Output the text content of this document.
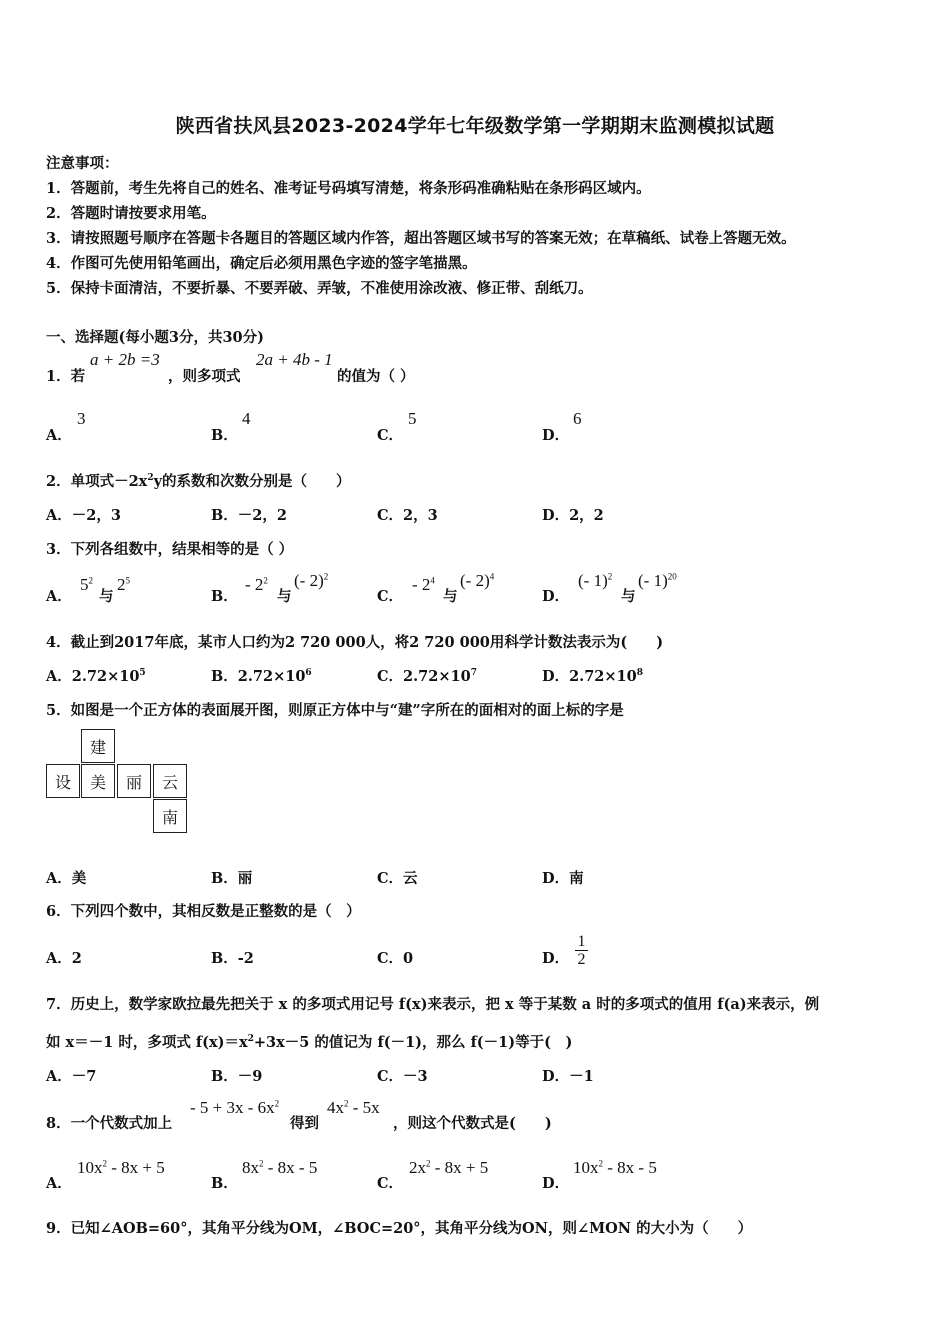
陕西省扶风县2023-2024学年七年级数学第一学期期末监测模拟试题
注意事项：
1．答题前，考生先将自己的姓名、准考证号码填写清楚，将条形码准确粘贴在条形码区域内。
2．答题时请按要求用笔。
3．请按照题号顺序在答题卡各题目的答题区域内作答，超出答题区域书写的答案无效；在草稿纸、试卷上答题无效。
4．作图可先使用铅笔画出，确定后必须用黑色字迹的签字笔描黑。
5．保持卡面清洁，不要折暴、不要弄破、弄皱，不准使用涂改液、修正带、刮纸刀。
一、选择题(每小题3分，共30分)
1．若
a + 2b =3
，则多项式
2a + 4b - 1
的值为（ ）
A．
3
B．
4
C．
5
D．
6
2．单项式$-2x^2y$的系数和次数分别是（　　）
A．－2，3	B．－2，2	C．2，3	D．2，2
3．下列各组数中，结果相等的是（ ）
A．
$5^2$
与
$2^5$
B．
- $2^2$
与
(- 2)$^2$
C．
- $2^4$
与
(- 2)$^4$
D．
(- 1)$^2$
与
(- 1)$^{20}$
4．截止到2017年底，某市人口约为2 720 000人，将2 720 000用科学计数法表示为(　　)
A．$2.72\times 10^5$	B．$2.72\times 10^6$	C．$2.72\times 10^7$	D．$2.72\times 10^8$
5．如图是一个正方体的表面展开图，则原正方体中与“建”字所在的面相对的面上标的字是
建
设	美	丽	云
南
A．美	B．丽	C．云	D．南
6．下列四个数中，其相反数是正整数的是（　）
A．2	B．-2	C．0	D． $\frac{1}{2}$
7．历史上，数学家欧拉最先把关于 x 的多项式用记号 f(x)来表示，把 x 等于某数 a 时的多项式的值用 f(a)来表示，例
如 x＝－1 时，多项式 $f(x)=x^2+3x-5$ 的值记为 f(－1)，那么 f(－1)等于(　)
A．－7	B．－9	C．－3	D．－1
8．一个代数式加上
- $5 + 3x - 6x^2$
得到
$4x^2 - 5x$
，则这个代数式是(　　)
A．
$10x^2 - 8x + 5$
B．
$8x^2 - 8x - 5$
C．
$2x^2 - 8x + 5$
D．
$10x^2 - 8x - 5$
9．已知∠AOB=60°，其角平分线为OM，∠BOC=20°，其角平分线为ON，则∠MON 的大小为（　　）
